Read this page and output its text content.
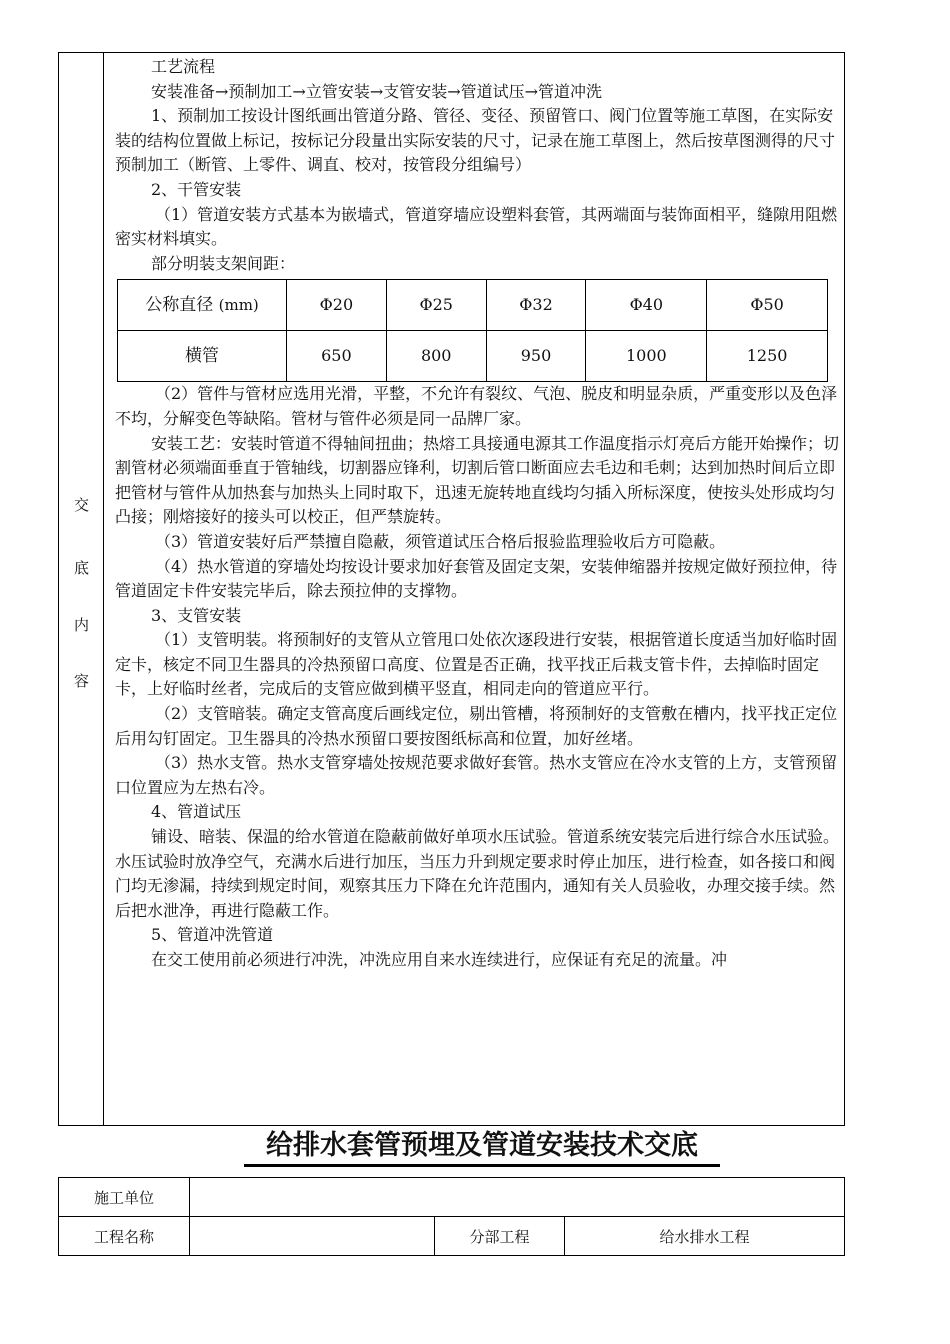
交
底
内
容

工艺流程

安装准备→预制加工→立管安装→支管安装→管道试压→管道冲洗

1、预制加工按设计图纸画出管道分路、管径、变径、预留管口、阀门位置等施工草图，在实际安装的结构位置做上标记，按标记分段量出实际安装的尺寸，记录在施工草图上，然后按草图测得的尺寸预制加工（断管、上零件、调直、校对，按管段分组编号）

2、干管安装

（1）管道安装方式基本为嵌墙式，管道穿墙应设塑料套管，其两端面与装饰面相平，缝隙用阻燃密实材料填实。

部分明装支架间距：

公称直径 (mm)	Φ20	Φ25	Φ32	Φ40	Φ50
横管	650	800	950	1000	1250

（2）管件与管材应选用光滑，平整，不允许有裂纹、气泡、脱皮和明显杂质，严重变形以及色泽不均，分解变色等缺陷。管材与管件必须是同一品牌厂家。

安装工艺：安装时管道不得轴间扭曲；热熔工具接通电源其工作温度指示灯亮后方能开始操作；切割管材必须端面垂直于管轴线，切割器应锋利，切割后管口断面应去毛边和毛刺；达到加热时间后立即把管材与管件从加热套与加热头上同时取下，迅速无旋转地直线均匀插入所标深度，使按头处形成均匀凸接；刚熔接好的接头可以校正，但严禁旋转。

（3）管道安装好后严禁擅自隐蔽，须管道试压合格后报验监理验收后方可隐蔽。

（4）热水管道的穿墙处均按设计要求加好套管及固定支架，安装伸缩器并按规定做好预拉伸，待管道固定卡件安装完毕后，除去预拉伸的支撑物。

3、支管安装

（1）支管明装。将预制好的支管从立管甩口处依次逐段进行安装，根据管道长度适当加好临时固定卡，核定不同卫生器具的冷热预留口高度、位置是否正确，找平找正后栽支管卡件，去掉临时固定卡，上好临时丝者，完成后的支管应做到横平竖直，相同走向的管道应平行。

（2）支管暗装。确定支管高度后画线定位，剔出管槽，将预制好的支管敷在槽内，找平找正定位后用勾钉固定。卫生器具的冷热水预留口要按图纸标高和位置，加好丝堵。

（3）热水支管。热水支管穿墙处按规范要求做好套管。热水支管应在冷水支管的上方，支管预留口位置应为左热右冷。

4、管道试压

铺设、暗装、保温的给水管道在隐蔽前做好单项水压试验。管道系统安装完后进行综合水压试验。水压试验时放净空气，充满水后进行加压，当压力升到规定要求时停止加压，进行检查，如各接口和阀门均无渗漏，持续到规定时间，观察其压力下降在允许范围内，通知有关人员验收，办理交接手续。然后把水泄净，再进行隐蔽工作。

5、管道冲洗管道

在交工使用前必须进行冲洗，冲洗应用自来水连续进行，应保证有充足的流量。冲

给排水套管预埋及管道安装技术交底
施工单位			
工程名称		分部工程	给水排水工程
